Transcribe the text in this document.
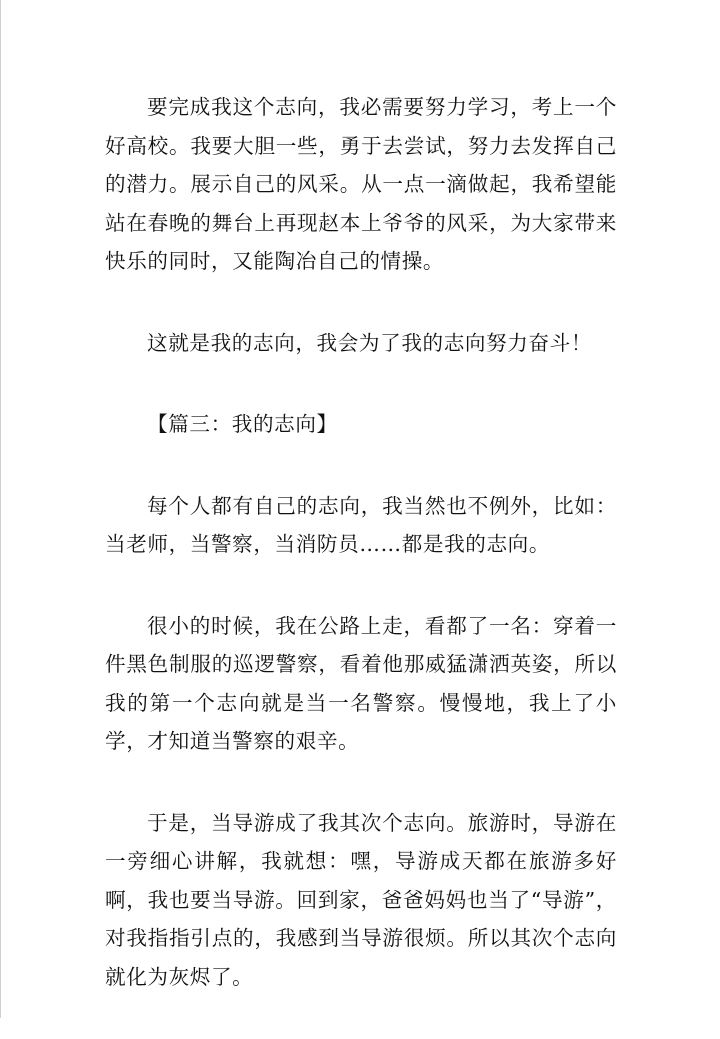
要完成我这个志向，我必需要努力学习，考上一个好高校。我要大胆一些，勇于去尝试，努力去发挥自己的潜力。展示自己的风采。从一点一滴做起，我希望能站在春晚的舞台上再现赵本上爷爷的风采，为大家带来快乐的同时，又能陶冶自己的情操。

这就是我的志向，我会为了我的志向努力奋斗！

【篇三：我的志向】

每个人都有自己的志向，我当然也不例外，比如：当老师，当警察，当消防员……都是我的志向。

很小的时候，我在公路上走，看都了一名：穿着一件黑色制服的巡逻警察，看着他那威猛潇洒英姿，所以我的第一个志向就是当一名警察。慢慢地，我上了小学，才知道当警察的艰辛。

于是，当导游成了我其次个志向。旅游时，导游在一旁细心讲解，我就想：嘿，导游成天都在旅游多好啊，我也要当导游。回到家，爸爸妈妈也当了“导游”，对我指指引点的，我感到当导游很烦。所以其次个志向就化为灰烬了。
